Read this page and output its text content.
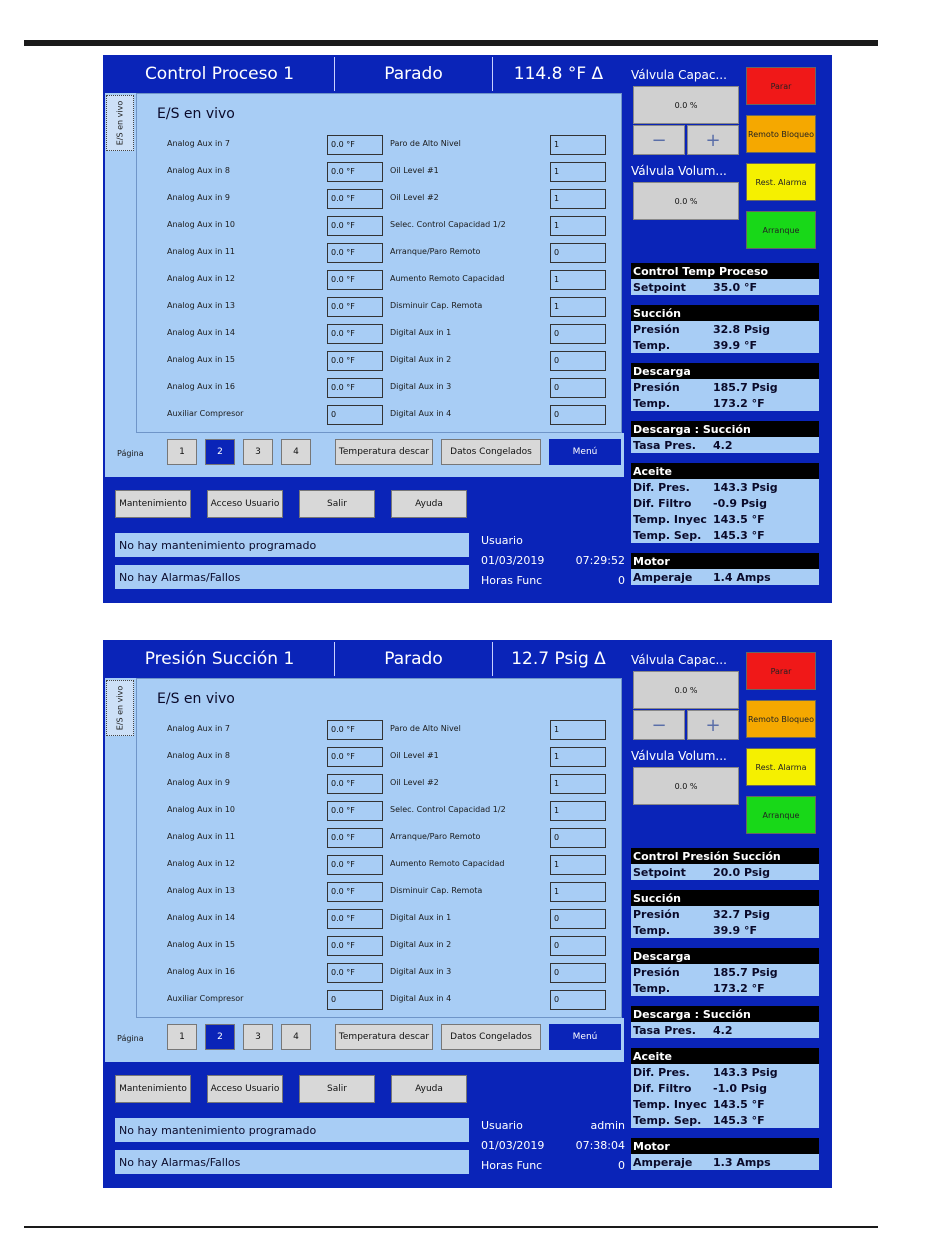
Control Proceso 1	Parado	114.8 °F Δ
E/S en vivo E/S en vivo
Analog Aux in 7	0.0 °F	Paro de Alto Nivel	1
Analog Aux in 8	0.0 °F	Oil Level #1	1
Analog Aux in 9	0.0 °F	Oil Level #2	1
Analog Aux in 10	0.0 °F	Selec. Control Capacidad 1/2	1
Analog Aux in 11	0.0 °F	Arranque/Paro Remoto	0
Analog Aux in 12	0.0 °F	Aumento Remoto Capacidad	1
Analog Aux in 13	0.0 °F	Disminuir Cap. Remota	1
Analog Aux in 14	0.0 °F	Digital Aux in 1	0
Analog Aux in 15	0.0 °F	Digital Aux in 2	0
Analog Aux in 16	0.0 °F	Digital Aux in 3	0
Auxiliar Compresor	0	Digital Aux in 4	0
Página	1	2	3	4	Temperatura descar	Datos Congelados	Menú
Mantenimiento	Acceso Usuario	Salir	Ayuda
No hay mantenimiento programado
No hay Alarmas/Fallos
Usuario
01/03/2019	07:29:52
Horas Func	0
Válvula Capac...
0.0 %
−	+
Válvula Volum...
0.0 %
Parar
Remoto Bloqueo
Rest. Alarma
Arranque
Control Temp Proceso
Setpoint	35.0 °F
Succión
Presión	32.8 Psig
Temp.	39.9 °F
Descarga
Presión	185.7 Psig
Temp.	173.2 °F
Descarga : Succión
Tasa Pres.	4.2
Aceite
Dif. Pres.	143.3 Psig
Dif. Filtro	-0.9 Psig
Temp. Inyec 143.5 °F
Temp. Sep.	145.3 °F
Motor
Amperaje	1.4 Amps
Presión Succión 1	Parado	12.7 Psig Δ
E/S en vivo E/S en vivo
Analog Aux in 7	0.0 °F	Paro de Alto Nivel	1
Analog Aux in 8	0.0 °F	Oil Level #1	1
Analog Aux in 9	0.0 °F	Oil Level #2	1
Analog Aux in 10	0.0 °F	Selec. Control Capacidad 1/2	1
Analog Aux in 11	0.0 °F	Arranque/Paro Remoto	0
Analog Aux in 12	0.0 °F	Aumento Remoto Capacidad	1
Analog Aux in 13	0.0 °F	Disminuir Cap. Remota	1
Analog Aux in 14	0.0 °F	Digital Aux in 1	0
Analog Aux in 15	0.0 °F	Digital Aux in 2	0
Analog Aux in 16	0.0 °F	Digital Aux in 3	0
Auxiliar Compresor	0	Digital Aux in 4	0
Página	1	2	3	4	Temperatura descar	Datos Congelados	Menú
Mantenimiento	Acceso Usuario	Salir	Ayuda
No hay mantenimiento programado
No hay Alarmas/Fallos
Usuario	admin
01/03/2019	07:38:04
Horas Func	0
Válvula Capac...
0.0 %
−	+
Válvula Volum...
0.0 %
Parar
Remoto Bloqueo
Rest. Alarma
Arranque
Control Presión Succión
Setpoint	20.0 Psig
Succión
Presión	32.7 Psig
Temp.	39.9 °F
Descarga
Presión	185.7 Psig
Temp.	173.2 °F
Descarga : Succión
Tasa Pres.	4.2
Aceite
Dif. Pres.	143.3 Psig
Dif. Filtro	-1.0 Psig
Temp. Inyec 143.5 °F
Temp. Sep.	145.3 °F
Motor
Amperaje	1.3 Amps
